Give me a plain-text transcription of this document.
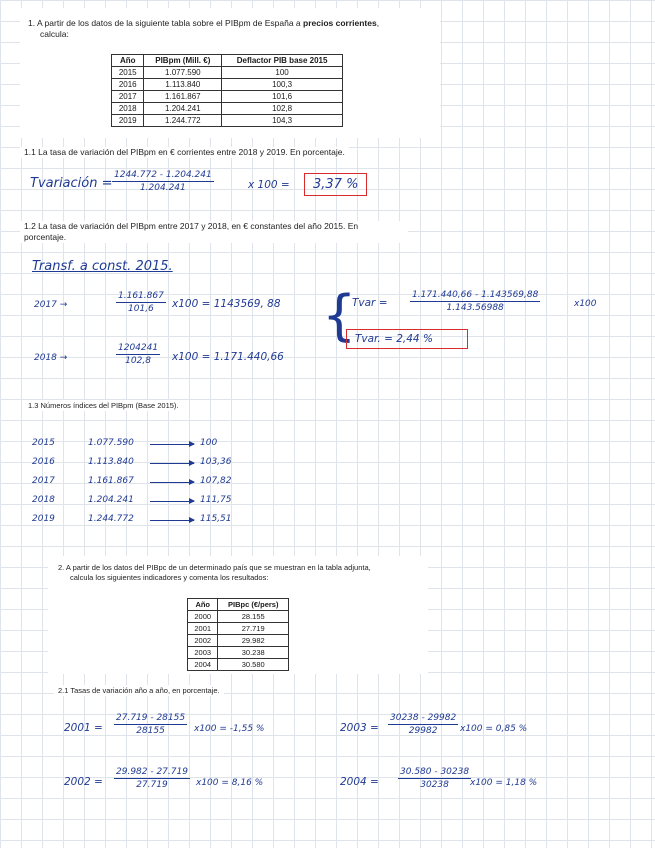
1. A partir de los datos de la siguiente tabla sobre el PIBpm de España a precios corrientes,
calcula:
Año	PIBpm (Mill. €)	Deflactor PIB base 2015
2015	1.077.590	100
2016	1.113.840	100,3
2017	1.161.867	101,6
2018	1.204.241	102,8
2019	1.244.772	104,3
1.1 La tasa de variación del PIBpm en € corrientes entre 2018 y 2019. En porcentaje.
Tvariación = $\frac{1244.772 - 1.204.241}{1.204.241}$	x 100 =	3,37 %
1.2 La tasa de variación del PIBpm entre 2017 y 2018, en € constantes del año 2015. En
porcentaje.
Transf. a const. 2015.
2017 →	$\frac{1.161.867}{101,6} x100 = 1143569$, 88
2018 →	$\frac{1204241}{102,8} x100 = 1.171.440,66$
{
Tvar = $\frac{1.171.440,66 - 1.143569,88}{1.143.56988}$	x100
Tvar. = 2,44 %
1.3 Números índices del PIBpm (Base 2015).
2015	1.077.590	100
2016	1.113.840	103,36
2017	1.161.867	107,82
2018	1.204.241	111,75
2019	1.244.772	115,51
2. A partir de los datos del PIBpc de un determinado país que se muestran en la tabla adjunta,
calcula los siguientes indicadores y comenta los resultados:
Año	PIBpc (€/pers)
2000	28.155
2001	27.719
2002	29.982
2003	30.238
2004	30.580
2.1 Tasas de variación año a año, en porcentaje.
$2001 = \frac{27.719 - 28155}{28155} x100 = -1,55$ %	$2003 = \frac{30238 - 29982}{29982} x100 = 0,85$ %
$2002 = \frac{29.982 - 27.719}{27.719} x100 = 8,16$ %	$2004 = \frac{30.580 - 30238}{30238}$
x100 = 1,18 %
